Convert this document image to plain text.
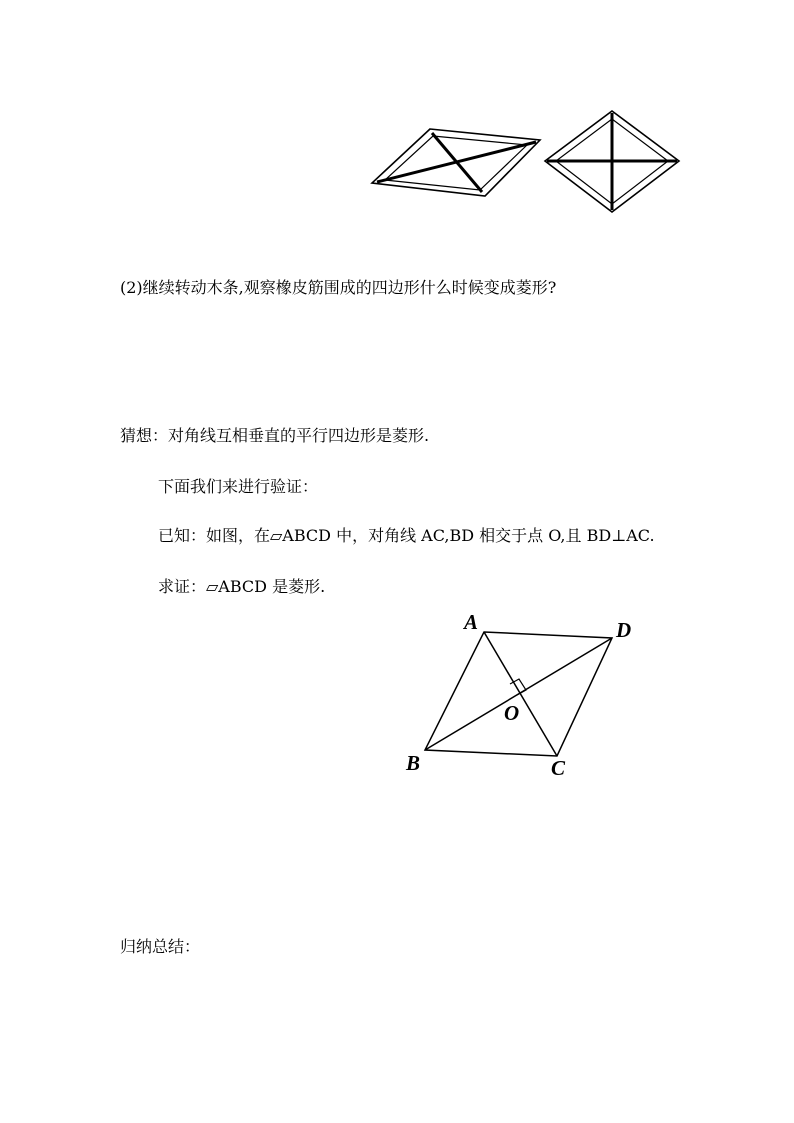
(2)继续转动木条,观察橡皮筋围成的四边形什么时候变成菱形?
猜想：对角线互相垂直的平行四边形是菱形.
下面我们来进行验证：
已知：如图，在▱ABCD 中，对角线 AC,BD 相交于点 O,且 BD⊥AC.
求证：▱ABCD 是菱形.
A	D
O
B	C
归纳总结：
